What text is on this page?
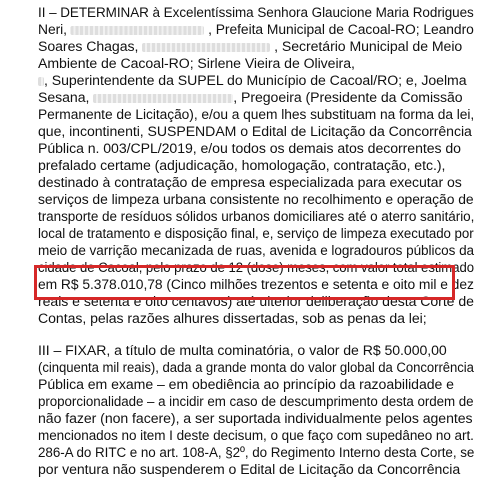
II – DETERMINAR à Excelentíssima Senhora Glaucione Maria Rodrigues
Neri,	, Prefeita Municipal de Cacoal-RO; Leandro
Soares Chagas,	, Secretário Municipal de Meio
Ambiente de Cacoal-RO; Sirlene Vieira de Oliveira,
, Superintendente da SUPEL do Município de Cacoal/RO; e, Joelma
Sesana,	, Pregoeira (Presidente da Comissão
Permanente de Licitação), e/ou a quem lhes substituam na forma da lei,
que, incontinenti, SUSPENDAM o Edital de Licitação da Concorrência
Pública n. 003/CPL/2019, e/ou todos os demais atos decorrentes do
prefalado certame (adjudicação, homologação, contratação, etc.),
destinado à contratação de empresa especializada para executar os
serviços de limpeza urbana consistente no recolhimento e operação de
transporte de resíduos sólidos urbanos domiciliares até o aterro sanitário,
local de tratamento e disposição final, e, serviço de limpeza executado por
meio de varrição mecanizada de ruas, avenida e logradouros públicos da
cidade de Cacoal, pelo prazo de 12 (dose) meses, com valor total estimado
em R$ 5.378.010,78 (Cinco milhões trezentos e setenta e oito mil e dez
reais e setenta e oito centavos) até ulterior deliberação desta Corte de
Contas, pelas razões alhures dissertadas, sob as penas da lei;
III – FIXAR, a título de multa cominatória, o valor de R$ 50.000,00
(cinquenta mil reais), dada a grande monta do valor global da Concorrência
Pública em exame – em obediência ao princípio da razoabilidade e
proporcionalidade – a incidir em caso de descumprimento desta ordem de
não fazer (non facere), a ser suportada individualmente pelos agentes
mencionados no item I deste decisum, o que faço com supedâneo no art.
286-A do RITC e no art. 108-A, §2º, do Regimento Interno desta Corte, se
por ventura não suspenderem o Edital de Licitação da Concorrência
